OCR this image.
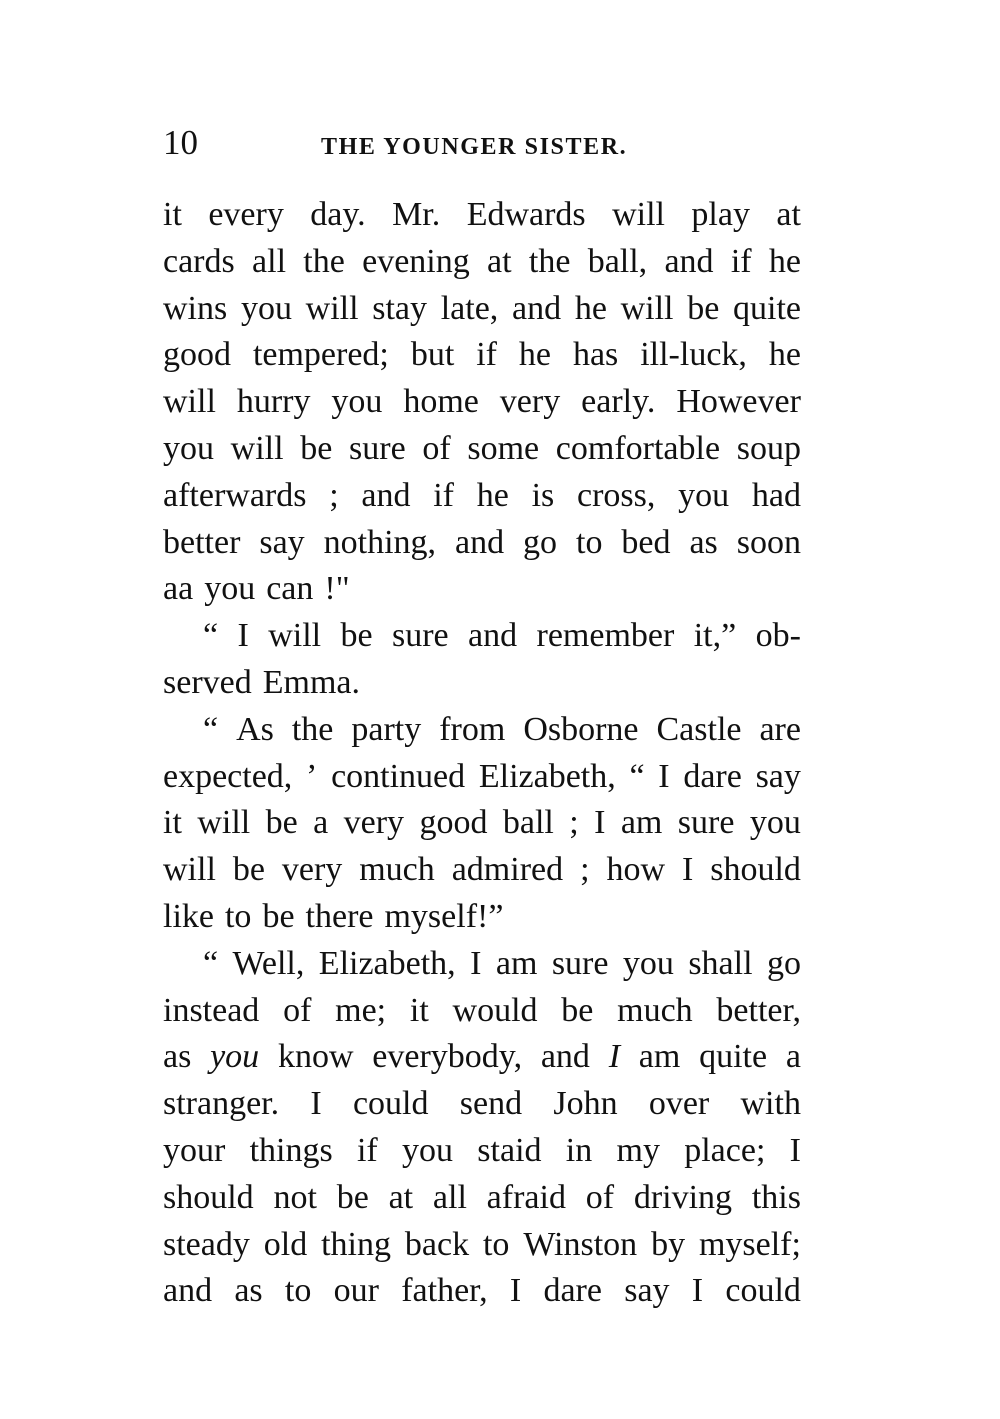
10	THE YOUNGER SISTER.
it every day. Mr. Edwards will play at
cards all the evening at the ball, and if he
wins you will stay late, and he will be quite
good tempered; but if he has ill-luck, he
will hurry you home very early. However
you will be sure of some comfortable soup
afterwards ; and if he is cross, you had
better say nothing, and go to bed as soon
aa you can !"
“ I will be sure and remember it,” ob-
served Emma.
“ As the party from Osborne Castle are
expected, ’ continued Elizabeth, “ I dare say
it will be a very good ball ; I am sure you
will be very much admired ; how I should
like to be there myself!”
“ Well, Elizabeth, I am sure you shall go
instead of me; it would be much better,
as you know everybody, and I am quite a
stranger. I could send John over with
your things if you staid in my place; I
should not be at all afraid of driving this
steady old thing back to Winston by myself;
and as to our father, I dare say I could
